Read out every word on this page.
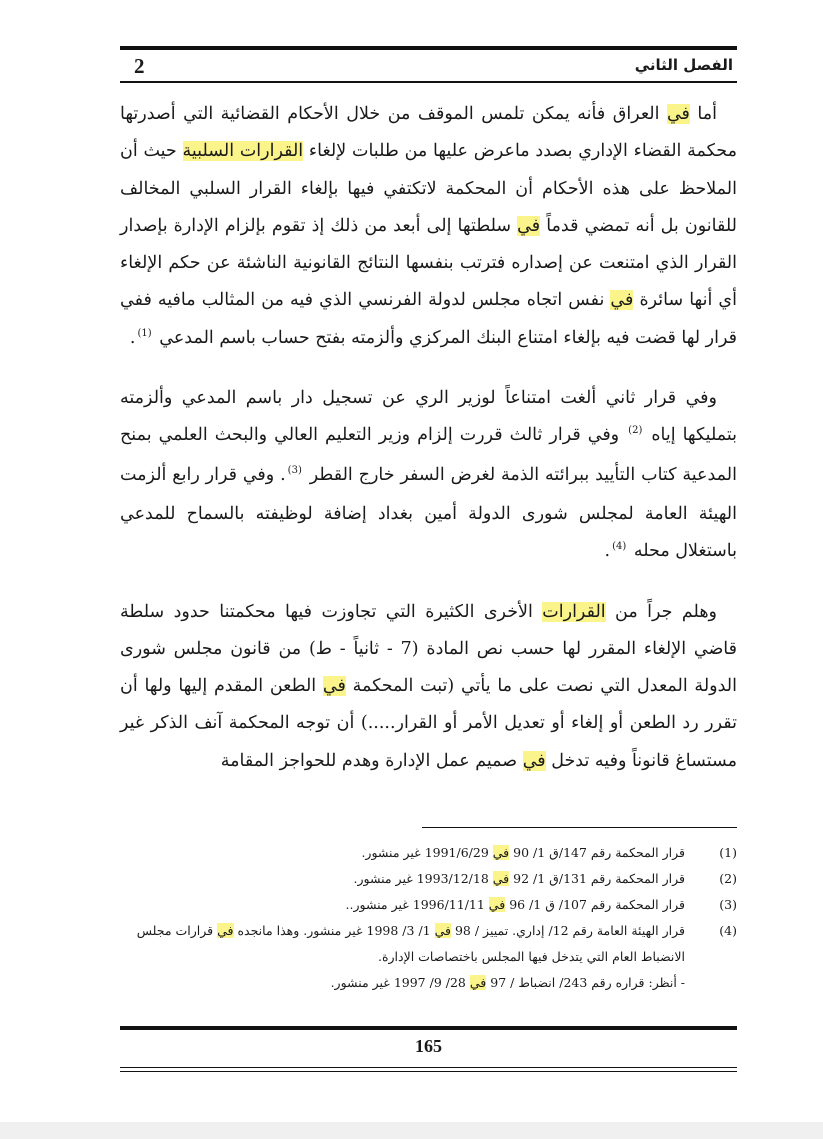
الفصل الثاني
2

أما في العراق فأنه يمكن تلمس الموقف من خلال الأحكام القضائية التي أصدرتها محكمة القضاء الإداري بصدد ماعرض عليها من طلبات لإلغاء القرارات السلبية حيث أن الملاحظ على هذه الأحكام أن المحكمة لاتكتفي فيها بإلغاء القرار السلبي المخالف للقانون بل أنه تمضي قدماً في سلطتها إلى أبعد من ذلك إذ تقوم بإلزام الإدارة بإصدار القرار الذي امتنعت عن إصداره فترتب بنفسها النتائج القانونية الناشئة عن حكم الإلغاء أي أنها سائرة في نفس اتجاه مجلس لدولة الفرنسي الذي فيه من المثالب مافيه ففي قرار لها قضت فيه بإلغاء امتناع البنك المركزي وألزمته بفتح حساب باسم المدعي $^{(1)}$.

وفي قرار ثاني ألغت امتناعاً لوزير الري عن تسجيل دار باسم المدعي وألزمته بتمليكها إياه $^{(2)}$ وفي قرار ثالث قررت إلزام وزير التعليم العالي والبحث العلمي بمنح المدعية كتاب التأييد ببرائته الذمة لغرض السفر خارج القطر $^{(3)}$. وفي قرار رابع ألزمت الهيئة العامة لمجلس شورى الدولة أمين بغداد إضافة لوظيفته بالسماح للمدعي باستغلال محله $^{(4)}$.

وهلم جراً من القرارات الأخرى الكثيرة التي تجاوزت فيها محكمتنا حدود سلطة قاضي الإلغاء المقرر لها حسب نص المادة (7 - ثانياً - ط) من قانون مجلس شورى الدولة المعدل التي نصت على ما يأتي (تبت المحكمة في الطعن المقدم إليها ولها أن تقرر رد الطعن أو إلغاء أو تعديل الأمر أو القرار.....) أن توجه المحكمة آنف الذكر غير مستساغ قانوناً وفيه تدخل في صميم عمل الإدارة وهدم للحواجز المقامة

(1)
قرار المحكمة رقم 147/ق 1/ 90 في 1991/6/29 غير منشور.
(2)
قرار المحكمة رقم 131/ق 1/ 92 في 1993/12/18 غير منشور.
(3)
قرار المحكمة رقم 107/ ق 1/ 96 في 1996/11/11 غير منشور..
(4)
قرار الهيئة العامة رقم 12/ إداري. تمييز / 98 في 1/ 3/ 1998 غير منشور. وهذا مانجده في قرارات مجلس الانضباط العام التي يتدخل فيها المجلس باختصاصات الإدارة.
- أنظر: قراره رقم 243/ انضباط / 97 في 28/ 9/ 1997 غير منشور.
165
